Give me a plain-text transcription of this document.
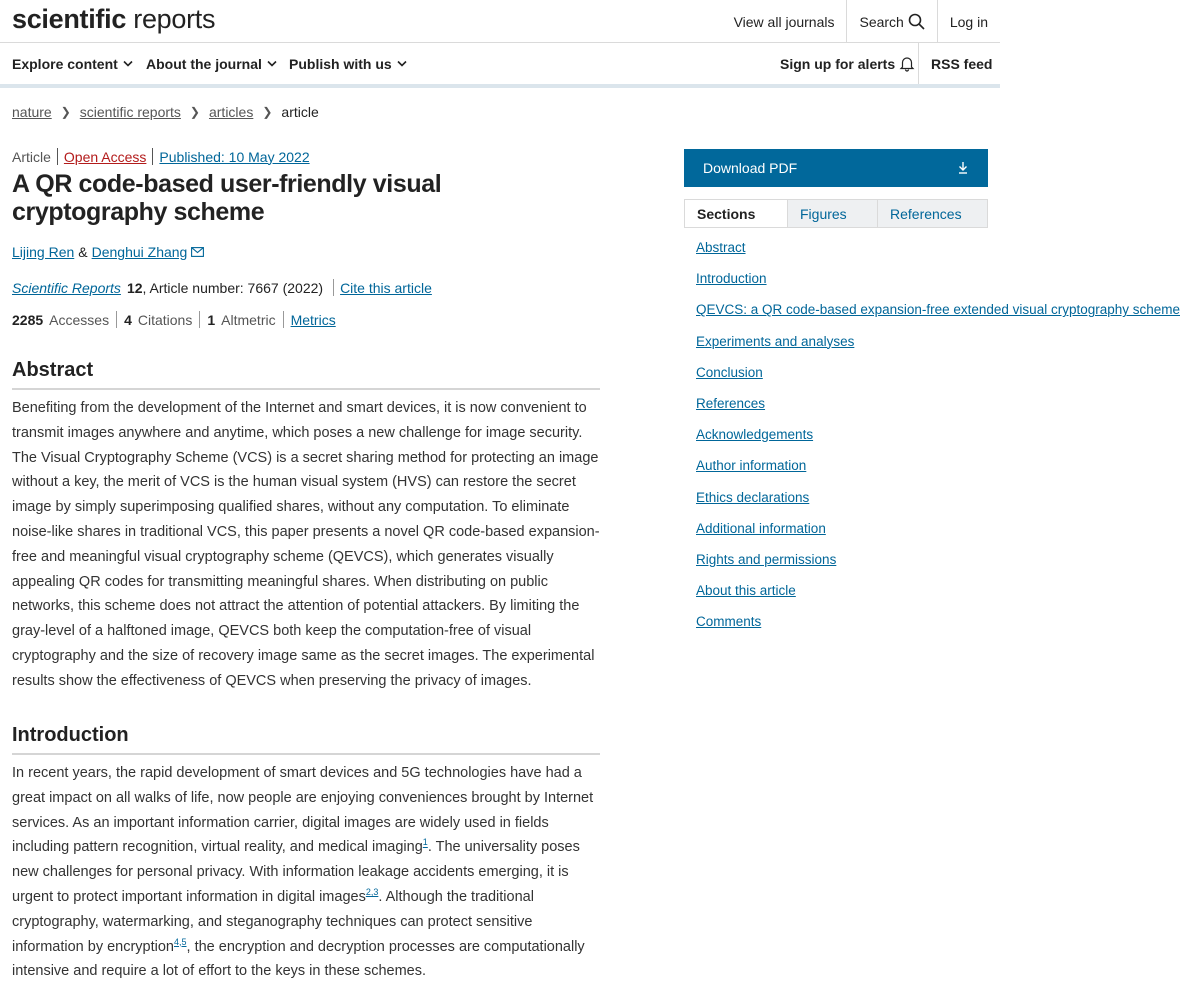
scientific reports	View all journals Search	Log in
Explore content About the journal Publish with us	Sign up for alerts	RSS feed
nature ❯ scientific reports ❯ articles ❯ article
Article Open Access Published: 10 May 2022
A QR code-based user-friendly visual cryptography scheme
Lijing Ren & Denghui Zhang
Scientific Reports 12 , Article number: 7667 (2022) Cite this article
2285 Accesses 4 Citations 1 Altmetric Metrics
Abstract

Benefiting from the development of the Internet and smart devices, it is now convenient to transmit images anywhere and anytime, which poses a new challenge for image security. The Visual Cryptography Scheme (VCS) is a secret sharing method for protecting an image without a key, the merit of VCS is the human visual system (HVS) can restore the secret image by simply superimposing qualified shares, without any computation. To eliminate noise-like shares in traditional VCS, this paper presents a novel QR code-based expansion-free and meaningful visual cryptography scheme (QEVCS), which generates visually appealing QR codes for transmitting meaningful shares. When distributing on public networks, this scheme does not attract the attention of potential attackers. By limiting the gray-level of a halftoned image, QEVCS both keep the computation-free of visual cryptography and the size of recovery image same as the secret images. The experimental results show the effectiveness of QEVCS when preserving the privacy of images.

Introduction

In recent years, the rapid development of smart devices and 5G technologies have had a great impact on all walks of life, now people are enjoying conveniences brought by Internet services. As an important information carrier, digital images are widely used in fields including pattern recognition, virtual reality, and medical imaging$^1$. The universality poses new challenges for personal privacy. With information leakage accidents emerging, it is urgent to protect important information in digital images$^{2,3}$. Although the traditional cryptography, watermarking, and steganography techniques can protect sensitive information by encryption$^{4,5}$, the encryption and decryption processes are computationally intensive and require a lot of effort to the keys in these schemes.

Download PDF
Sections	Figures	References
Abstract
Introduction
QEVCS: a QR code-based expansion-free extended visual cryptography scheme
Experiments and analyses
Conclusion
References
Acknowledgements
Author information
Ethics declarations
Additional information
Rights and permissions
About this article
Comments
